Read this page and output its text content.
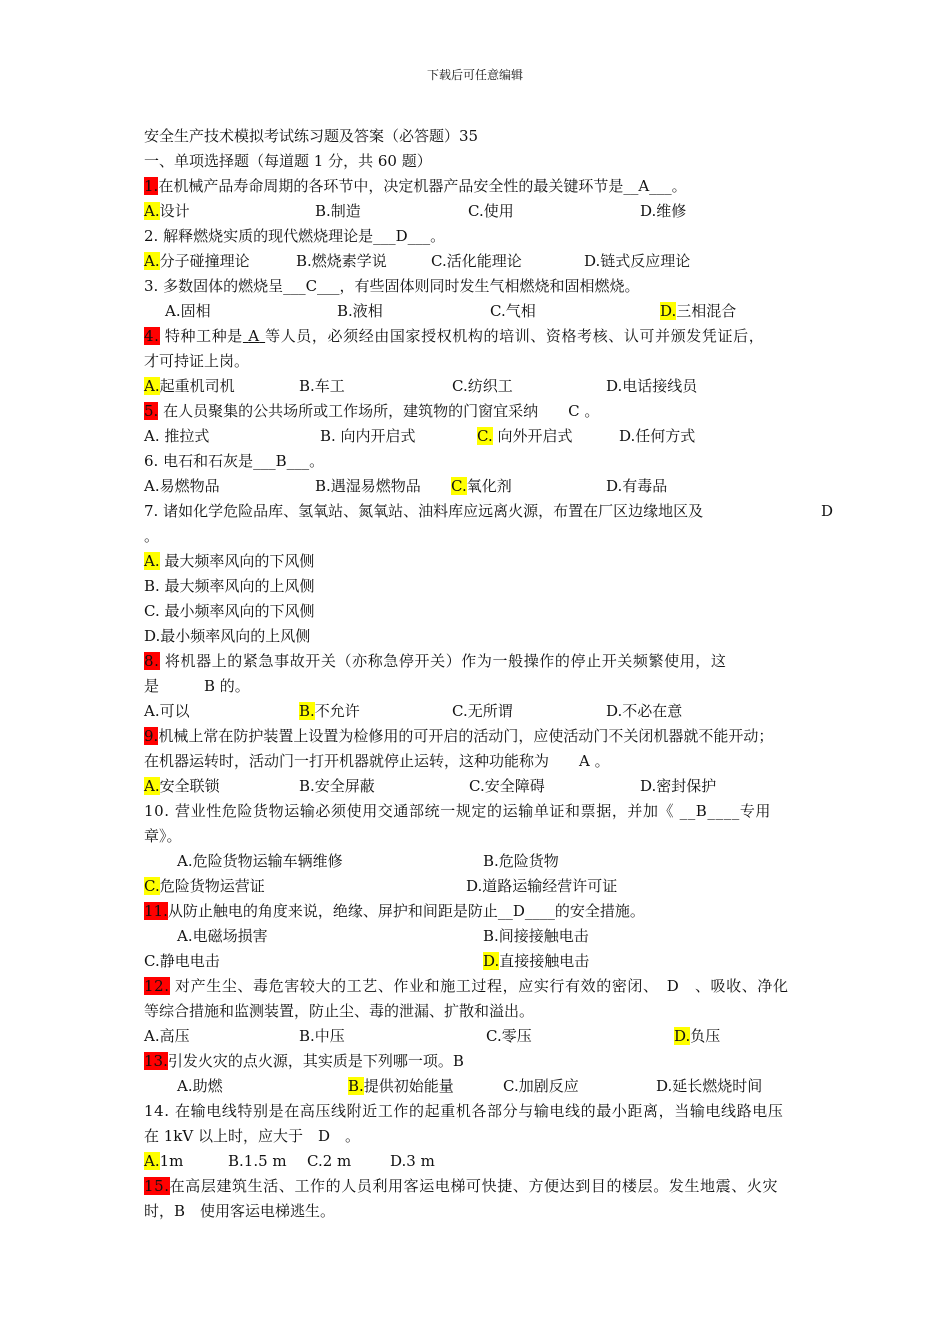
下载后可任意编辑
安全生产技术模拟考试练习题及答案（必答题）35
一、单项选择题（每道题 1 分，共 60 题）
1.在机械产品寿命周期的各环节中，决定机器产品安全性的最关键环节是__A___。
A.设计	B.制造	C.使用	D.维修
2. 解释燃烧实质的现代燃烧理论是___D___。
A.分子碰撞理论	B.燃烧素学说	C.活化能理论	D.链式反应理论
3. 多数固体的燃烧呈___C___，有些固体则同时发生气相燃烧和固相燃烧。
A.固相	B.液相	C.气相	D.三相混合
4. 特种工种是 A 等人员，必须经由国家授权机构的培训、资格考核、认可并颁发凭证后，
才可持证上岗。
A.起重机司机	B.车工	C.纺织工	D.电话接线员
5. 在人员聚集的公共场所或工作场所，建筑物的门窗宜采纳　　C 。
A. 推拉式	B. 向内开启式	C. 向外开启式	D.任何方式
6. 电石和石灰是___B___。
A.易燃物品	B.遇湿易燃物品 C.氧化剂	D.有毒品
7. 诸如化学危险品库、氢氧站、氮氧站、油料库应远离火源，布置在厂区边缘地区及	D
。
A. 最大频率风向的下风侧
B. 最大频率风向的上风侧
C. 最小频率风向的下风侧
D.最小频率风向的上风侧
8. 将机器上的紧急事故开关（亦称急停开关）作为一般操作的停止开关频繁使用，这
是　　　B 的。
A.可以	B.不允许	C.无所谓	D.不必在意
9.机械上常在防护装置上设置为检修用的可开启的活动门，应使活动门不关闭机器就不能开动；
在机器运转时，活动门一打开机器就停止运转，这种功能称为　　A 。
A.安全联锁	B.安全屏蔽	C.安全障碍	D.密封保护
10. 营业性危险货物运输必须使用交通部统一规定的运输单证和票据，并加《 __B____专用
章》。
A.危险货物运输车辆维修	B.危险货物
C.危险货物运营证	D.道路运输经营许可证
11.从防止触电的角度来说，绝缘、屏护和间距是防止__D____的安全措施。
A.电磁场损害	B.间接接触电击
C.静电电击	D.直接接触电击
12. 对产生尘、毒危害较大的工艺、作业和施工过程，应实行有效的密闭、　D　、吸收、净化
等综合措施和监测装置，防止尘、毒的泄漏、扩散和溢出。
A.高压	B.中压	C.零压	D.负压
13.引发火灾的点火源，其实质是下列哪一项。B
A.助燃	B.提供初始能量	C.加剧反应	D.延长燃烧时间
14. 在输电线特别是在高压线附近工作的起重机各部分与输电线的最小距离，当输电线路电压
在 1kV 以上时，应大于　D　。
A.1m	B.1.5 m C.2 m	D.3 m
15.在高层建筑生活、工作的人员利用客运电梯可快捷、方便达到目的楼层。发生地震、火灾
时，B　使用客运电梯逃生。
